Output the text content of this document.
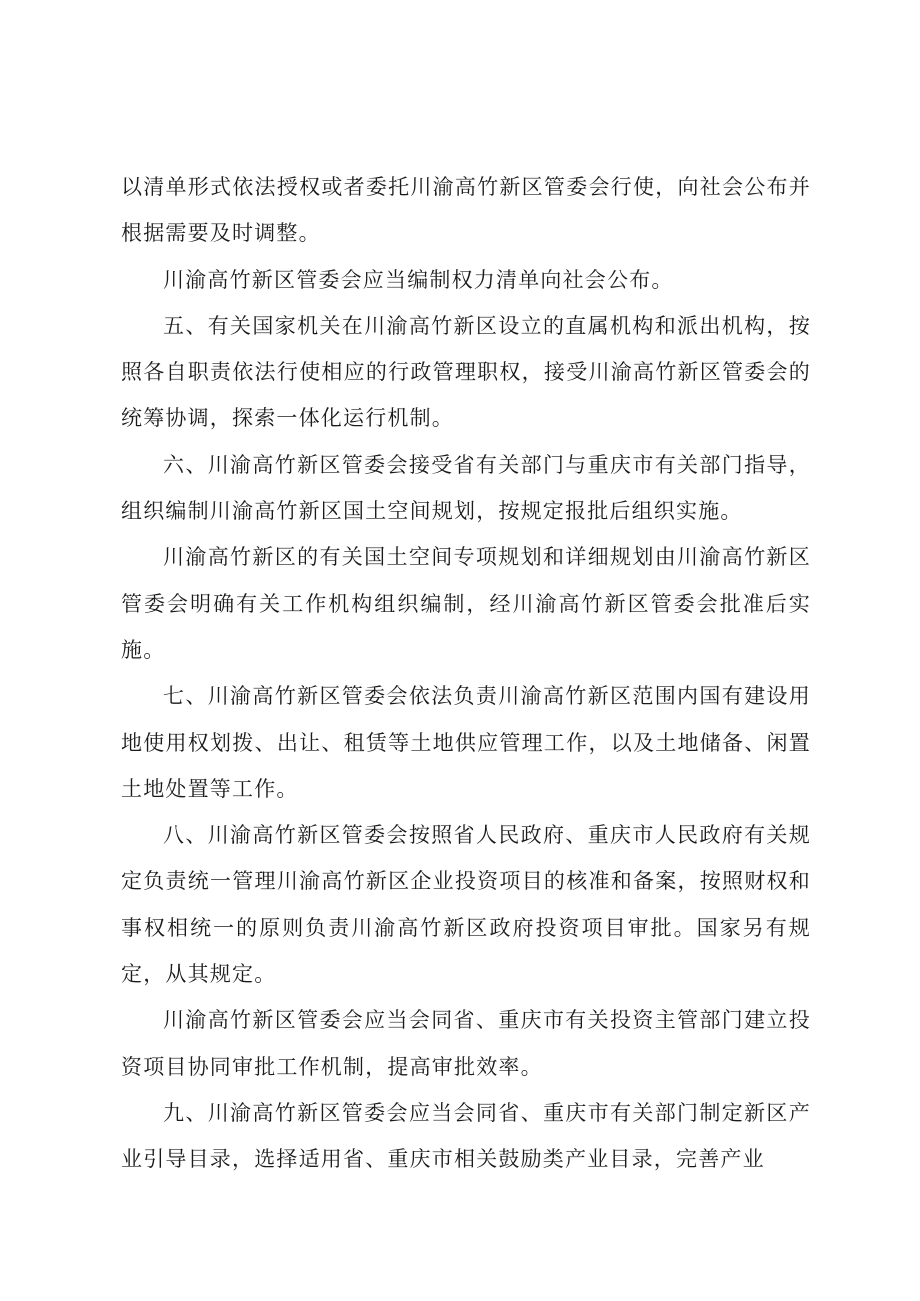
以清单形式依法授权或者委托川渝高竹新区管委会行使，向社会公布并根据需要及时调整。

川渝高竹新区管委会应当编制权力清单向社会公布。

五、有关国家机关在川渝高竹新区设立的直属机构和派出机构，按照各自职责依法行使相应的行政管理职权，接受川渝高竹新区管委会的统筹协调，探索一体化运行机制。

六、川渝高竹新区管委会接受省有关部门与重庆市有关部门指导，组织编制川渝高竹新区国土空间规划，按规定报批后组织实施。

川渝高竹新区的有关国土空间专项规划和详细规划由川渝高竹新区管委会明确有关工作机构组织编制，经川渝高竹新区管委会批准后实施。

七、川渝高竹新区管委会依法负责川渝高竹新区范围内国有建设用地使用权划拨、出让、租赁等土地供应管理工作，以及土地储备、闲置土地处置等工作。

八、川渝高竹新区管委会按照省人民政府、重庆市人民政府有关规定负责统一管理川渝高竹新区企业投资项目的核准和备案，按照财权和事权相统一的原则负责川渝高竹新区政府投资项目审批。国家另有规定，从其规定。

川渝高竹新区管委会应当会同省、重庆市有关投资主管部门建立投资项目协同审批工作机制，提高审批效率。

九、川渝高竹新区管委会应当会同省、重庆市有关部门制定新区产业引导目录，选择适用省、重庆市相关鼓励类产业目录，完善产业
